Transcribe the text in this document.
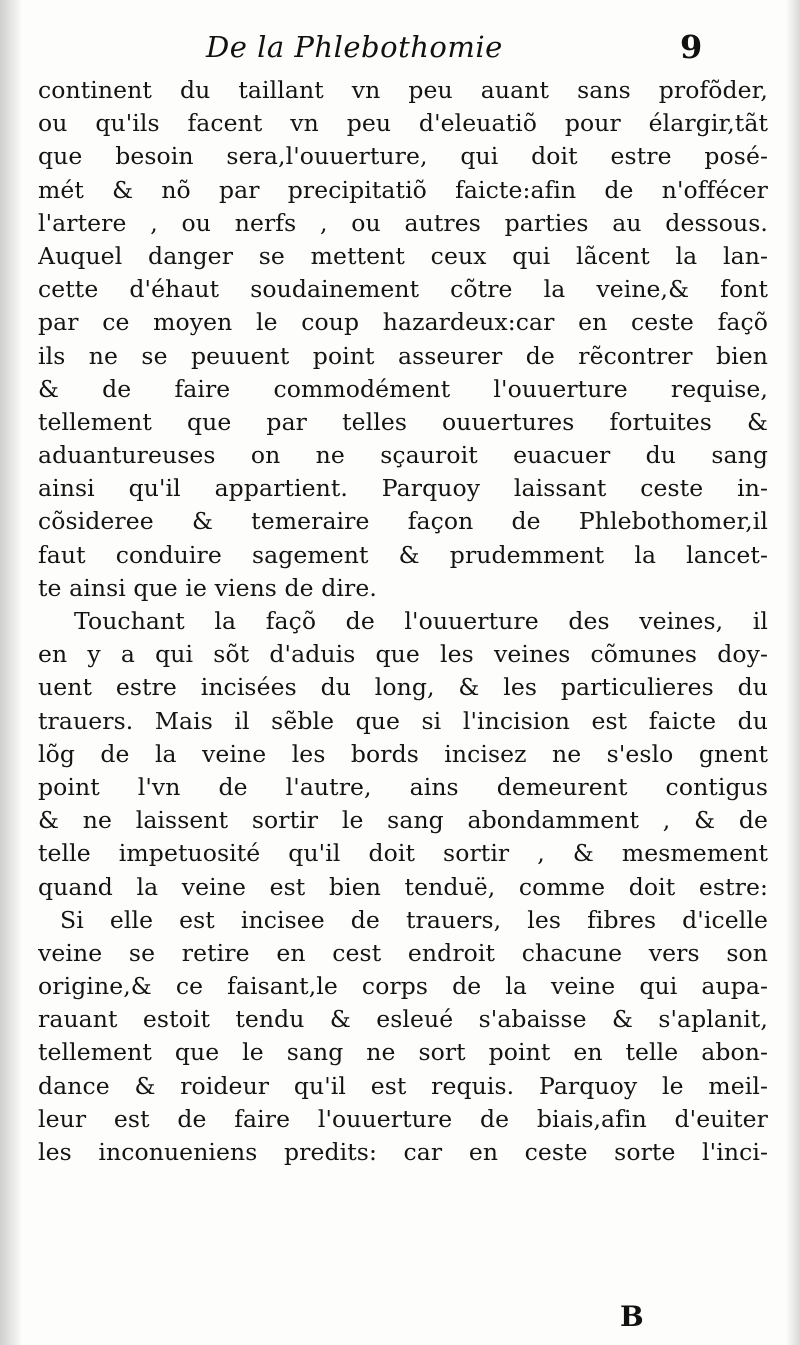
De la Phlebothomie	9
continent du taillant vn peu auant sans profõder,
ou qu'ils facent vn peu d'eleuatiõ pour élargir,tãt
que besoin sera,l'ouuerture, qui doit estre posé-
mét & nõ par precipitatiõ faicte:afin de n'offécer
l'artere , ou nerfs , ou autres parties au dessous.
Auquel danger se mettent ceux qui lãcent la lan-
cette d'éhaut soudainement cõtre la veine,& font
par ce moyen le coup hazardeux:car en ceste façõ
ils ne se peuuent point asseurer de rẽcontrer bien
& de faire commodément l'ouuerture requise,
tellement que par telles ouuertures fortuites &
aduantureuses on ne sçauroit euacuer du sang
ainsi qu'il appartient. Parquoy laissant ceste in-
cõsideree & temeraire façon de Phlebothomer,il
faut conduire sagement & prudemment la lancet-
te ainsi que ie viens de dire.
Touchant la façõ de l'ouuerture des veines, il
en y a qui sõt d'aduis que les veines cõmunes doy-
uent estre incisées du long, & les particulieres du
trauers. Mais il sẽble que si l'incision est faicte du
lõg de la veine les bords incisez ne s'eslo gnent
point l'vn de l'autre, ains demeurent contigus
& ne laissent sortir le sang abondamment , & de
telle impetuosité qu'il doit sortir , & mesmement
quand la veine est bien tenduë, comme doit estre:
Si elle est incisee de trauers, les fibres d'icelle
veine se retire en cest endroit chacune vers son
origine,& ce faisant,le corps de la veine qui aupa-
rauant estoit tendu & esleué s'abaisse & s'aplanit,
tellement que le sang ne sort point en telle abon-
dance & roideur qu'il est requis. Parquoy le meil-
leur est de faire l'ouuerture de biais,afin d'euiter
les inconueniens predits: car en ceste sorte l'inci-
B
